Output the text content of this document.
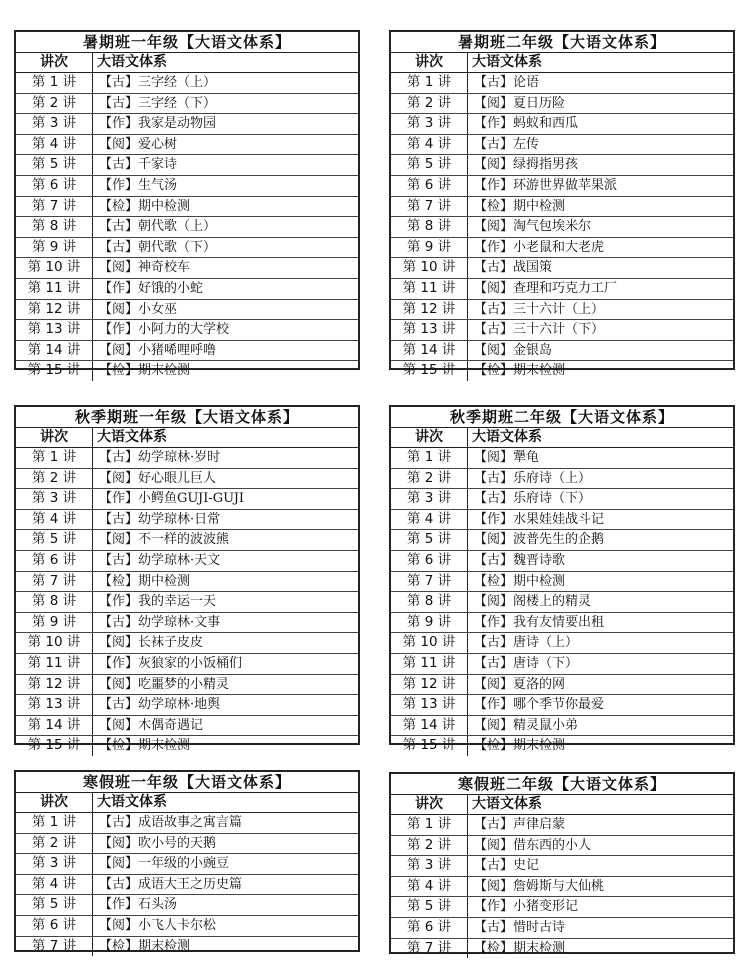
暑期班一年级【大语文体系】
讲次	大语文体系
第 1 讲	【古】三字经（上）
第 2 讲	【古】三字经（下）
第 3 讲	【作】我家是动物园
第 4 讲	【阅】爱心树
第 5 讲	【古】千家诗
第 6 讲	【作】生气汤
第 7 讲	【检】期中检测
第 8 讲	【古】朝代歌（上）
第 9 讲	【古】朝代歌（下）
第 10 讲	【阅】神奇校车
第 11 讲	【作】好饿的小蛇
第 12 讲	【阅】小女巫
第 13 讲	【作】小阿力的大学校
第 14 讲	【阅】小猪唏哩呼噜
第 15 讲	【检】期末检测
暑期班二年级【大语文体系】
讲次	大语文体系
第 1 讲	【古】论语
第 2 讲	【阅】夏日历险
第 3 讲	【作】蚂蚁和西瓜
第 4 讲	【古】左传
第 5 讲	【阅】绿拇指男孩
第 6 讲	【作】环游世界做苹果派
第 7 讲	【检】期中检测
第 8 讲	【阅】淘气包埃米尔
第 9 讲	【作】小老鼠和大老虎
第 10 讲	【古】战国策
第 11 讲	【阅】查理和巧克力工厂
第 12 讲	【古】三十六计（上）
第 13 讲	【古】三十六计（下）
第 14 讲	【阅】金银岛
第 15 讲	【检】期末检测
秋季期班一年级【大语文体系】
讲次	大语文体系
第 1 讲	【古】幼学琼林·岁时
第 2 讲	【阅】好心眼儿巨人
第 3 讲	【作】小鳄鱼GUJI-GUJI
第 4 讲	【古】幼学琼林·日常
第 5 讲	【阅】不一样的波波熊
第 6 讲	【古】幼学琼林·天文
第 7 讲	【检】期中检测
第 8 讲	【作】我的幸运一天
第 9 讲	【古】幼学琼林·文事
第 10 讲	【阅】长袜子皮皮
第 11 讲	【作】灰狼家的小饭桶们
第 12 讲	【阅】吃噩梦的小精灵
第 13 讲	【古】幼学琼林·地舆
第 14 讲	【阅】木偶奇遇记
第 15 讲	【检】期末检测
秋季期班二年级【大语文体系】
讲次	大语文体系
第 1 讲	【阅】犟龟
第 2 讲	【古】乐府诗（上）
第 3 讲	【古】乐府诗（下）
第 4 讲	【作】水果娃娃战斗记
第 5 讲	【阅】波普先生的企鹅
第 6 讲	【古】魏晋诗歌
第 7 讲	【检】期中检测
第 8 讲	【阅】阁楼上的精灵
第 9 讲	【作】我有友情要出租
第 10 讲	【古】唐诗（上）
第 11 讲	【古】唐诗（下）
第 12 讲	【阅】夏洛的网
第 13 讲	【作】哪个季节你最爱
第 14 讲	【阅】精灵鼠小弟
第 15 讲	【检】期末检测
寒假班一年级【大语文体系】
讲次	大语文体系
第 1 讲	【古】成语故事之寓言篇
第 2 讲	【阅】吹小号的天鹅
第 3 讲	【阅】一年级的小豌豆
第 4 讲	【古】成语大王之历史篇
第 5 讲	【作】石头汤
第 6 讲	【阅】小飞人卡尔松
第 7 讲	【检】期末检测
寒假班二年级【大语文体系】
讲次	大语文体系
第 1 讲	【古】声律启蒙
第 2 讲	【阅】借东西的小人
第 3 讲	【古】史记
第 4 讲	【阅】詹姆斯与大仙桃
第 5 讲	【作】小猪变形记
第 6 讲	【古】惜时古诗
第 7 讲	【检】期末检测
